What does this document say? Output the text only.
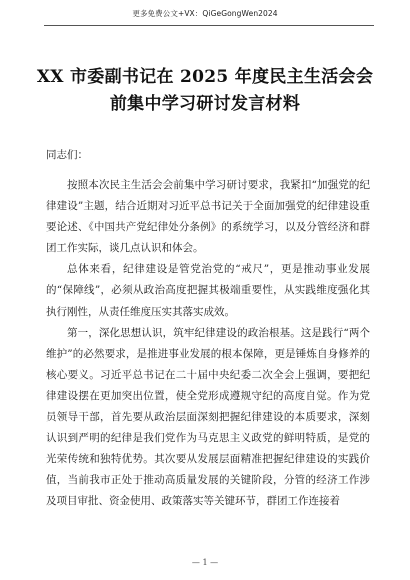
更多免费公文+VX：QiGeGongWen2024
XX 市委副书记在 2025 年度民主生活会会
前集中学习研讨发言材料

同志们：

按照本次民主生活会会前集中学习研讨要求，我紧扣“加强党的纪律建设”主题，结合近期对习近平总书记关于全面加强党的纪律建设重要论述、《中国共产党纪律处分条例》的系统学习，以及分管经济和群团工作实际，谈几点认识和体会。

总体来看，纪律建设是管党治党的“戒尺”，更是推动事业发展的“保障线”，必须从政治高度把握其极端重要性，从实践维度强化其执行刚性，从责任维度压实其落实成效。

第一，深化思想认识，筑牢纪律建设的政治根基。这是践行“两个维护”的必然要求，是推进事业发展的根本保障，更是锤炼自身修养的核心要义。习近平总书记在二十届中央纪委二次全会上强调，要把纪律建设摆在更加突出位置，使全党形成遵规守纪的高度自觉。作为党员领导干部，首先要从政治层面深刻把握纪律建设的本质要求，深刻认识到严明的纪律是我们党作为马克思主义政党的鲜明特质，是党的光荣传统和独特优势。其次要从发展层面精准把握纪律建设的实践价值，当前我市正处于推动高质量发展的关键阶段，分管的经济工作涉及项目审批、资金使用、政策落实等关键环节，群团工作连接着

— 1 —
